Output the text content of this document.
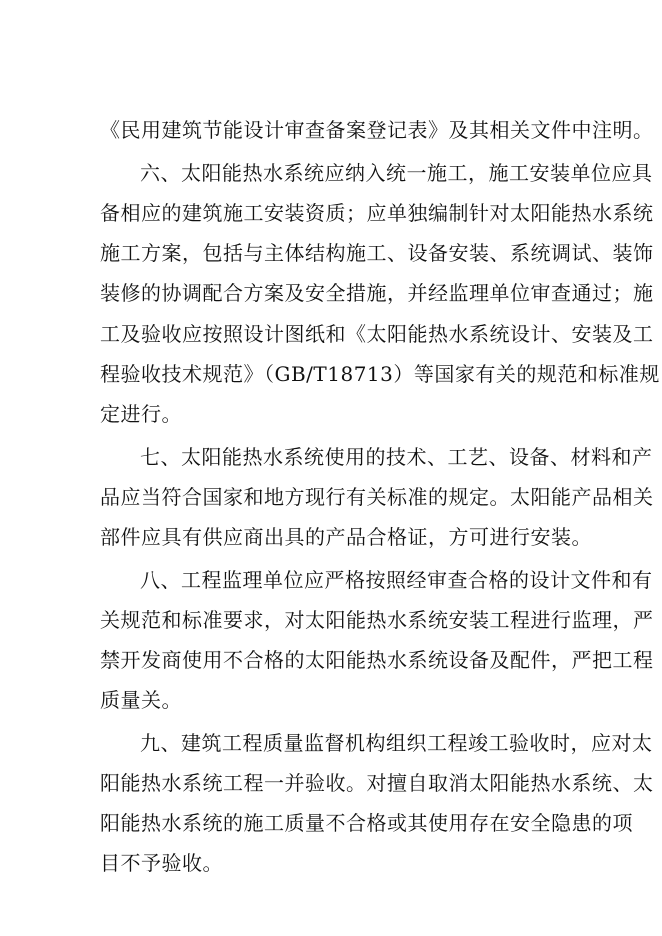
《民用建筑节能设计审查备案登记表》及其相关文件中注明。
六、太阳能热水系统应纳入统一施工，施工安装单位应具
备相应的建筑施工安装资质；应单独编制针对太阳能热水系统
施工方案，包括与主体结构施工、设备安装、系统调试、装饰
装修的协调配合方案及安全措施，并经监理单位审查通过；施
工及验收应按照设计图纸和《太阳能热水系统设计、安装及工
程验收技术规范》（GB/T18713）等国家有关的规范和标准规
定进行。
七、太阳能热水系统使用的技术、工艺、设备、材料和产
品应当符合国家和地方现行有关标准的规定。太阳能产品相关
部件应具有供应商出具的产品合格证，方可进行安装。
八、工程监理单位应严格按照经审查合格的设计文件和有
关规范和标准要求，对太阳能热水系统安装工程进行监理，严
禁开发商使用不合格的太阳能热水系统设备及配件，严把工程
质量关。
九、建筑工程质量监督机构组织工程竣工验收时，应对太
阳能热水系统工程一并验收。对擅自取消太阳能热水系统、太
阳能热水系统的施工质量不合格或其使用存在安全隐患的项
目不予验收。
